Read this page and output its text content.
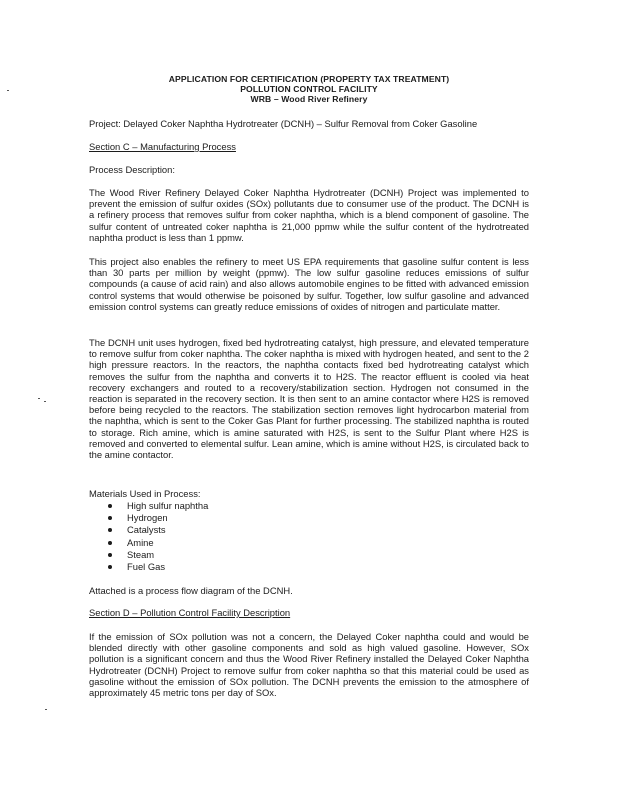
APPLICATION FOR CERTIFICATION (PROPERTY TAX TREATMENT)
POLLUTION CONTROL FACILITY
WRB – Wood River Refinery
Project: Delayed Coker Naphtha Hydrotreater (DCNH) – Sulfur Removal from Coker Gasoline
Section C – Manufacturing Process
Process Description:
The Wood River Refinery Delayed Coker Naphtha Hydrotreater (DCNH) Project was implemented to prevent the emission of sulfur oxides (SOx) pollutants due to consumer use of the product. The DCNH is a refinery process that removes sulfur from coker naphtha, which is a blend component of gasoline. The sulfur content of untreated coker naphtha is 21,000 ppmw while the sulfur content of the hydrotreated naphtha product is less than 1 ppmw.
This project also enables the refinery to meet US EPA requirements that gasoline sulfur content is less than 30 parts per million by weight (ppmw). The low sulfur gasoline reduces emissions of sulfur compounds (a cause of acid rain) and also allows automobile engines to be fitted with advanced emission control systems that would otherwise be poisoned by sulfur. Together, low sulfur gasoline and advanced emission control systems can greatly reduce emissions of oxides of nitrogen and particulate matter.
The DCNH unit uses hydrogen, fixed bed hydrotreating catalyst, high pressure, and elevated temperature to remove sulfur from coker naphtha. The coker naphtha is mixed with hydrogen heated, and sent to the 2 high pressure reactors. In the reactors, the naphtha contacts fixed bed hydrotreating catalyst which removes the sulfur from the naphtha and converts it to H2S. The reactor effluent is cooled via heat recovery exchangers and routed to a recovery/stabilization section. Hydrogen not consumed in the reaction is separated in the recovery section. It is then sent to an amine contactor where H2S is removed before being recycled to the reactors. The stabilization section removes light hydrocarbon material from the naphtha, which is sent to the Coker Gas Plant for further processing. The stabilized naphtha is routed to storage. Rich amine, which is amine saturated with H2S, is sent to the Sulfur Plant where H2S is removed and converted to elemental sulfur. Lean amine, which is amine without H2S, is circulated back to the amine contactor.
Materials Used in Process:
High sulfur naphtha
Hydrogen
Catalysts
Amine
Steam
Fuel Gas
Attached is a process flow diagram of the DCNH.
Section D – Pollution Control Facility Description
If the emission of SOx pollution was not a concern, the Delayed Coker naphtha could and would be blended directly with other gasoline components and sold as high valued gasoline. However, SOx pollution is a significant concern and thus the Wood River Refinery installed the Delayed Coker Naphtha Hydrotreater (DCNH) Project to remove sulfur from coker naphtha so that this material could be used as gasoline without the emission of SOx pollution. The DCNH prevents the emission to the atmosphere of approximately 45 metric tons per day of SOx.
